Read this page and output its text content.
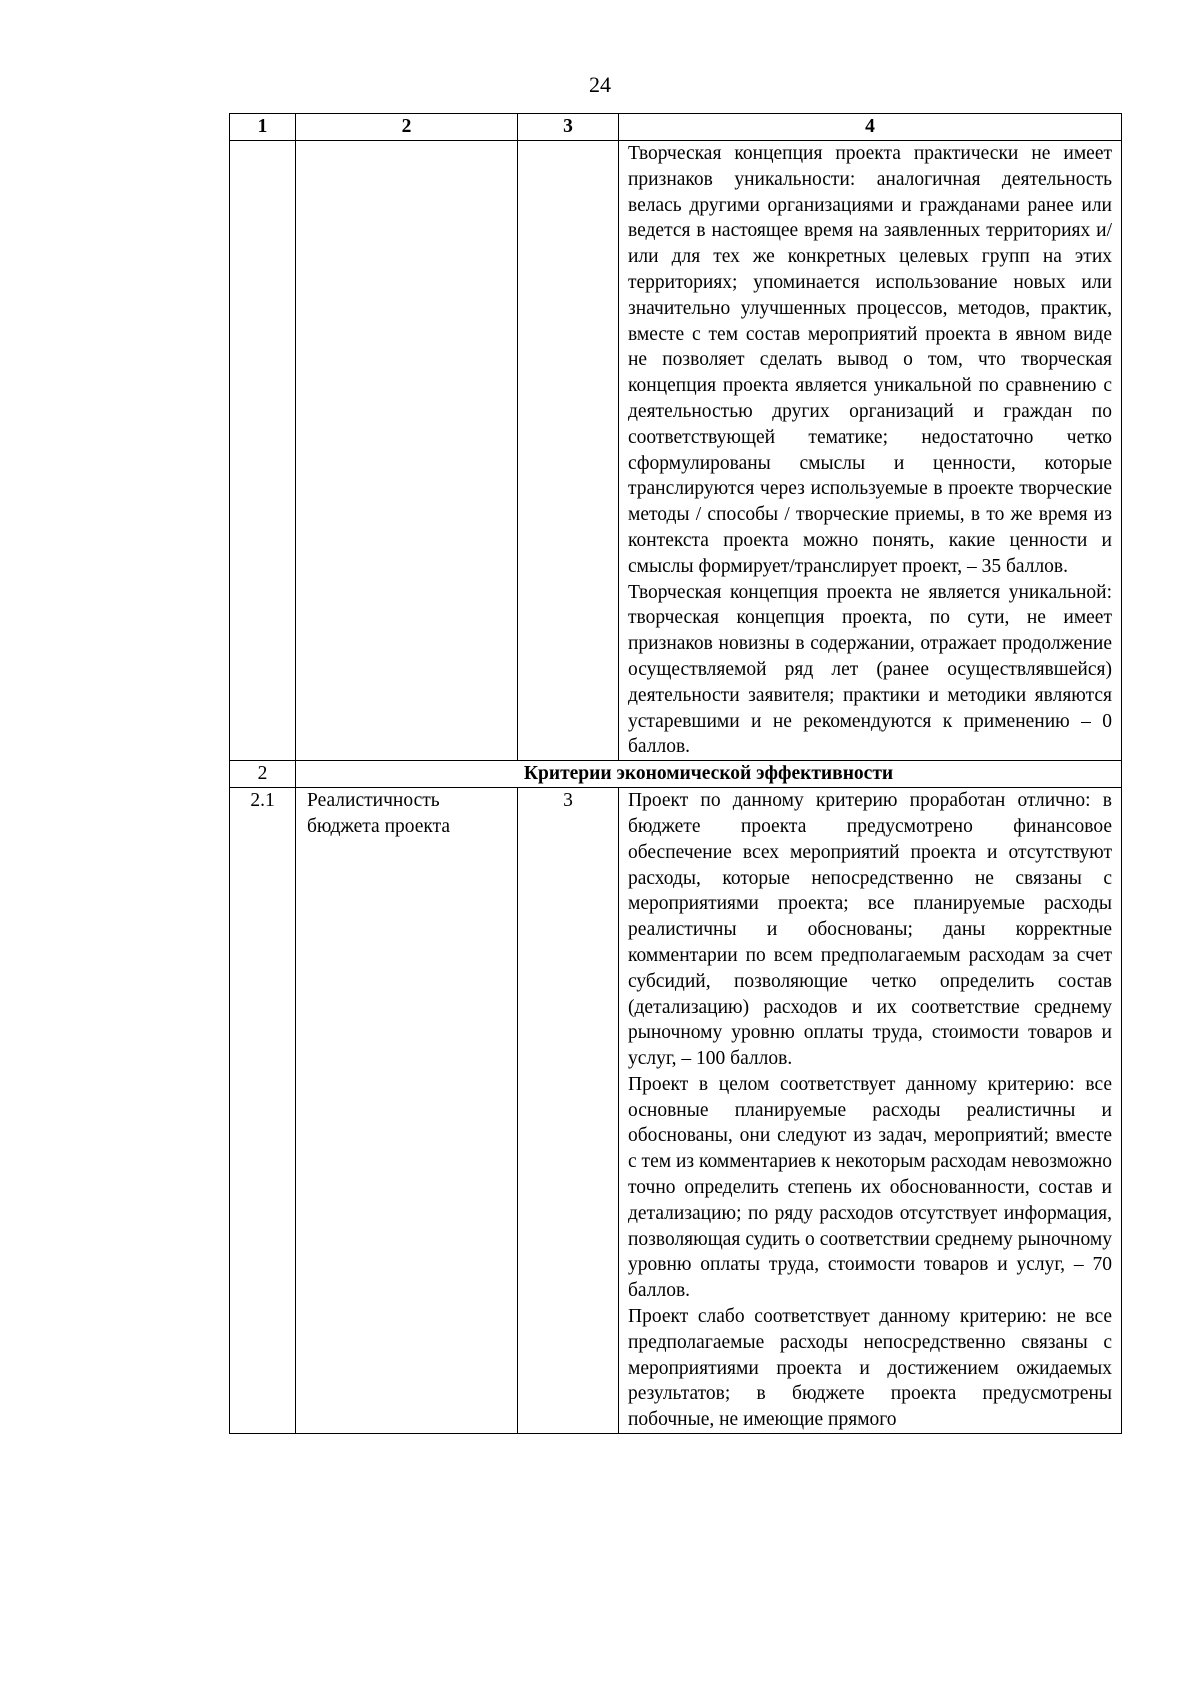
24
1	2	3	4

			Творческая концепция проекта практически не имеет признаков уникальности: аналогичная деятельность велась другими организациями и гражданами ранее или ведется в настоящее время на заявленных территориях и/или для тех же конкретных целевых групп на этих территориях; упоминается использование новых или значительно улучшенных процессов, методов, практик, вместе с тем состав мероприятий проекта в явном виде не позволяет сделать вывод о том, что творческая концепция проекта является уникальной по сравнению с деятельностью других организаций и граждан по соответствующей тематике; недостаточно четко сформулированы смыслы и ценности, которые транслируются через используемые в проекте творческие методы / способы / творческие приемы, в то же время из контекста проекта можно понять, какие ценности и смыслы формирует/транслирует проект, – 35 баллов.

Творческая концепция проекта не является уникальной: творческая концепция проекта, по сути, не имеет признаков новизны в содержании, отражает продолжение осуществляемой ряд лет (ранее осуществлявшейся) деятельности заявителя; практики и методики являются устаревшими и не рекомендуются к применению – 0 баллов.

2	Критерии экономической эффективности		
2.1	Реалистичность бюджета проекта	3	Проект по данному критерию проработан отлично: в бюджете проекта предусмотрено финансовое обеспечение всех мероприятий проекта и отсутствуют расходы, которые непосредственно не связаны с мероприятиями проекта; все планируемые расходы реалистичны и обоснованы; даны корректные комментарии по всем предполагаемым расходам за счет субсидий, позволяющие четко определить состав (детализацию) расходов и их соответствие среднему рыночному уровню оплаты труда, стоимости товаров и услуг, – 100 баллов.

Проект в целом соответствует данному критерию: все основные планируемые расходы реалистичны и обоснованы, они следуют из задач, мероприятий; вместе с тем из комментариев к некоторым расходам невозможно точно определить степень их обоснованности, состав и детализацию; по ряду расходов отсутствует информация, позволяющая судить о соответствии среднему рыночному уровню оплаты труда, стоимости товаров и услуг, – 70 баллов.

Проект слабо соответствует данному критерию: не все предполагаемые расходы непосредственно связаны с мероприятиями проекта и достижением ожидаемых результатов; в бюджете проекта предусмотрены побочные, не имеющие прямого
